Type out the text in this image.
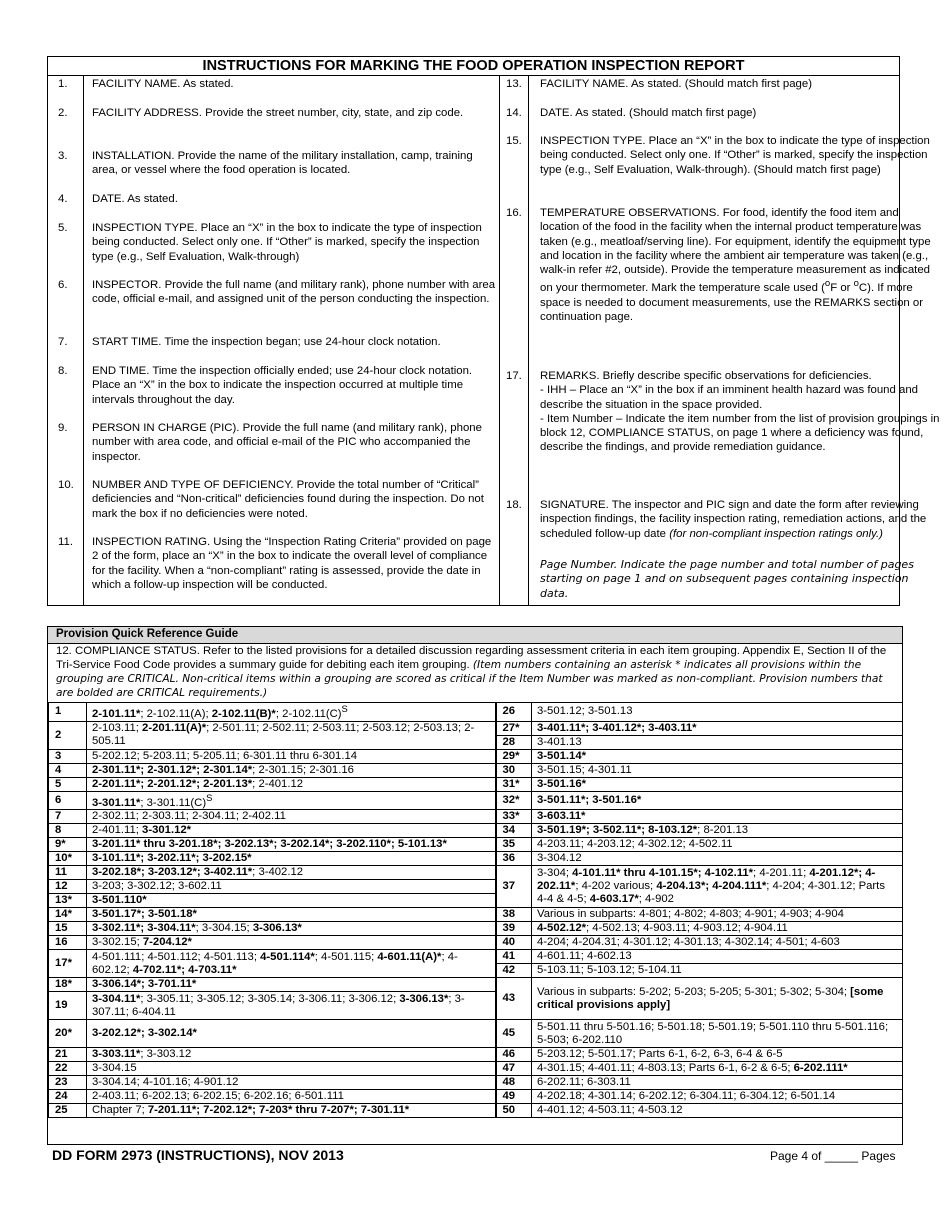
INSTRUCTIONS FOR MARKING THE FOOD OPERATION INSPECTION REPORT
1. FACILITY NAME. As stated.
2. FACILITY ADDRESS. Provide the street number, city, state, and zip code.
3. INSTALLATION. Provide the name of the military installation, camp, training area, or vessel where the food operation is located.
4. DATE. As stated.
5. INSPECTION TYPE. Place an “X” in the box to indicate the type of inspection being conducted. Select only one. If “Other” is marked, specify the inspection type (e.g., Self Evaluation, Walk-through)
6. INSPECTOR. Provide the full name (and military rank), phone number with area code, official e-mail, and assigned unit of the person conducting the inspection.
7. START TIME. Time the inspection began; use 24-hour clock notation.
8. END TIME. Time the inspection officially ended; use 24-hour clock notation. Place an “X” in the box to indicate the inspection occurred at multiple time intervals throughout the day.
9. PERSON IN CHARGE (PIC). Provide the full name (and military rank), phone number with area code, and official e-mail of the PIC who accompanied the inspector.
10. NUMBER AND TYPE OF DEFICIENCY. Provide the total number of “Critical” deficiencies and “Non-critical” deficiencies found during the inspection. Do not mark the box if no deficiencies were noted.
11. INSPECTION RATING. Using the “Inspection Rating Criteria” provided on page 2 of the form, place an “X” in the box to indicate the overall level of compliance for the facility. When a “non-compliant” rating is assessed, provide the date in which a follow-up inspection will be conducted.
13. FACILITY NAME. As stated. (Should match first page)
14. DATE. As stated. (Should match first page)
15. INSPECTION TYPE. Place an “X” in the box to indicate the type of inspection being conducted. Select only one. If “Other” is marked, specify the inspection type (e.g., Self Evaluation, Walk-through). (Should match first page)
16. TEMPERATURE OBSERVATIONS. For food, identify the food item and location of the food in the facility when the internal product temperature was taken (e.g., meatloaf/serving line). For equipment, identify the equipment type and location in the facility where the ambient air temperature was taken (e.g., walk-in refer #2, outside). Provide the temperature measurement as indicated on your thermometer. Mark the temperature scale used ($^o$F or $^o$C). If more space is needed to document measurements, use the REMARKS section or continuation page.
17. REMARKS. Briefly describe specific observations for deficiencies.
- IHH – Place an “X” in the box if an imminent health hazard was found and describe the situation in the space provided.
- Item Number – Indicate the item number from the list of provision groupings in block 12, COMPLIANCE STATUS, on page 1 where a deficiency was found, describe the findings, and provide remediation guidance.
18. SIGNATURE. The inspector and PIC sign and date the form after reviewing inspection findings, the facility inspection rating, remediation actions, and the scheduled follow-up date (for non-compliant inspection ratings only.)
Page Number. Indicate the page number and total number of pages starting on page 1 and on subsequent pages containing inspection data.
Provision Quick Reference Guide
12. COMPLIANCE STATUS. Refer to the listed provisions for a detailed discussion regarding assessment criteria in each item grouping. Appendix E, Section II of the Tri-Service Food Code provides a summary guide for debiting each item grouping. (Item numbers containing an asterisk * indicates all provisions within the grouping are CRITICAL. Non-critical items within a grouping are scored as critical if the Item Number was marked as non-compliant. Provision numbers that are bolded are CRITICAL requirements.)
1	2-101.11*; 2-102.11(A); 2-102.11(B)*; $2-102.11(C)^S$	26	3-501.12; 3-501.13
2	2-103.11; 2-201.11(A)*; 2-501.11; 2-502.11; 2-503.11; 2-503.12; 2-503.13; 2-505.11	27*	3-401.11*; 3-401.12*; 3-403.11*
		28	3-401.13
3	5-202.12; 5-203.11; 5-205.11; 6-301.11 thru 6-301.14	29*	3-501.14*
4	2-301.11*; 2-301.12*; 2-301.14*; 2-301.15; 2-301.16	30	3-501.15; 4-301.11
5	2-201.11*; 2-201.12*; 2-201.13*; 2-401.12	31*	3-501.16*
6	3-301.11*; $3-301.11(C)^S$	32*	3-501.11*; 3-501.16*
7	2-302.11; 2-303.11; 2-304.11; 2-402.11	33*	3-603.11*
8	2-401.11; 3-301.12*	34	3-501.19*; 3-502.11*; 8-103.12*; 8-201.13
9*	3-201.11* thru 3-201.18*; 3-202.13*; 3-202.14*; 3-202.110*; 5-101.13*	35	4-203.11; 4-203.12; 4-302.12; 4-502.11
10*	3-101.11*; 3-202.11*; 3-202.15*	36	3-304.12
11	3-202.18*; 3-203.12*; 3-402.11*; 3-402.12	37	3-304; 4-101.11* thru 4-101.15*; 4-102.11*; 4-201.11; 4-201.12*; 4-202.11*; 4-202 various; 4-204.13*; 4-204.111*; 4-204; 4-301.12; Parts 4-4 & 4-5; 4-603.17*; 4-902
12	3-203; 3-302.12; 3-602.11		
13*	3-501.110*		
14*	3-501.17*; 3-501.18*	38	Various in subparts: 4-801; 4-802; 4-803; 4-901; 4-903; 4-904
15	3-302.11*; 3-304.11*; 3-304.15; 3-306.13*	39	4-502.12*; 4-502.13; 4-903.11; 4-903.12; 4-904.11
16	3-302.15; 7-204.12*	40	4-204; 4-204.31; 4-301.12; 4-301.13; 4-302.14; 4-501; 4-603
17*	4-501.111; 4-501.112; 4-501.113; 4-501.114*; 4-501.115; 4-601.11(A)*; 4-602.12; 4-702.11*; 4-703.11*	41	4-601.11; 4-602.13
		42	5-103.11; 5-103.12; 5-104.11
18*	3-306.14*; 3-701.11*	43	Various in subparts: 5-202; 5-203; 5-205; 5-301; 5-302; 5-304; [some critical provisions apply]
19	3-304.11*; 3-305.11; 3-305.12; 3-305.14; 3-306.11; 3-306.12; 3-306.13*; 3-307.11; 6-404.11		
20*	3-202.12*; 3-302.14*	45	5-501.11 thru 5-501.16; 5-501.18; 5-501.19; 5-501.110 thru 5-501.116; 5-503; 6-202.110
21	3-303.11*; 3-303.12	46	5-203.12; 5-501.17; Parts 6-1, 6-2, 6-3, 6-4 & 6-5
22	3-304.15	47	4-301.15; 4-401.11; 4-803.13; Parts 6-1, 6-2 & 6-5; 6-202.111*
23	3-304.14; 4-101.16; 4-901.12	48	6-202.11; 6-303.11
24	2-403.11; 6-202.13; 6-202.15; 6-202.16; 6-501.111	49	4-202.18; 4-301.14; 6-202.12; 6-304.11; 6-304.12; 6-501.14
25	Chapter 7; 7-201.11*; 7-202.12*; 7-203* thru 7-207*; 7-301.11*	50	4-401.12; 4-503.11; 4-503.12
DD FORM 2973 (INSTRUCTIONS), NOV 2013	Page 4 of _____ Pages
